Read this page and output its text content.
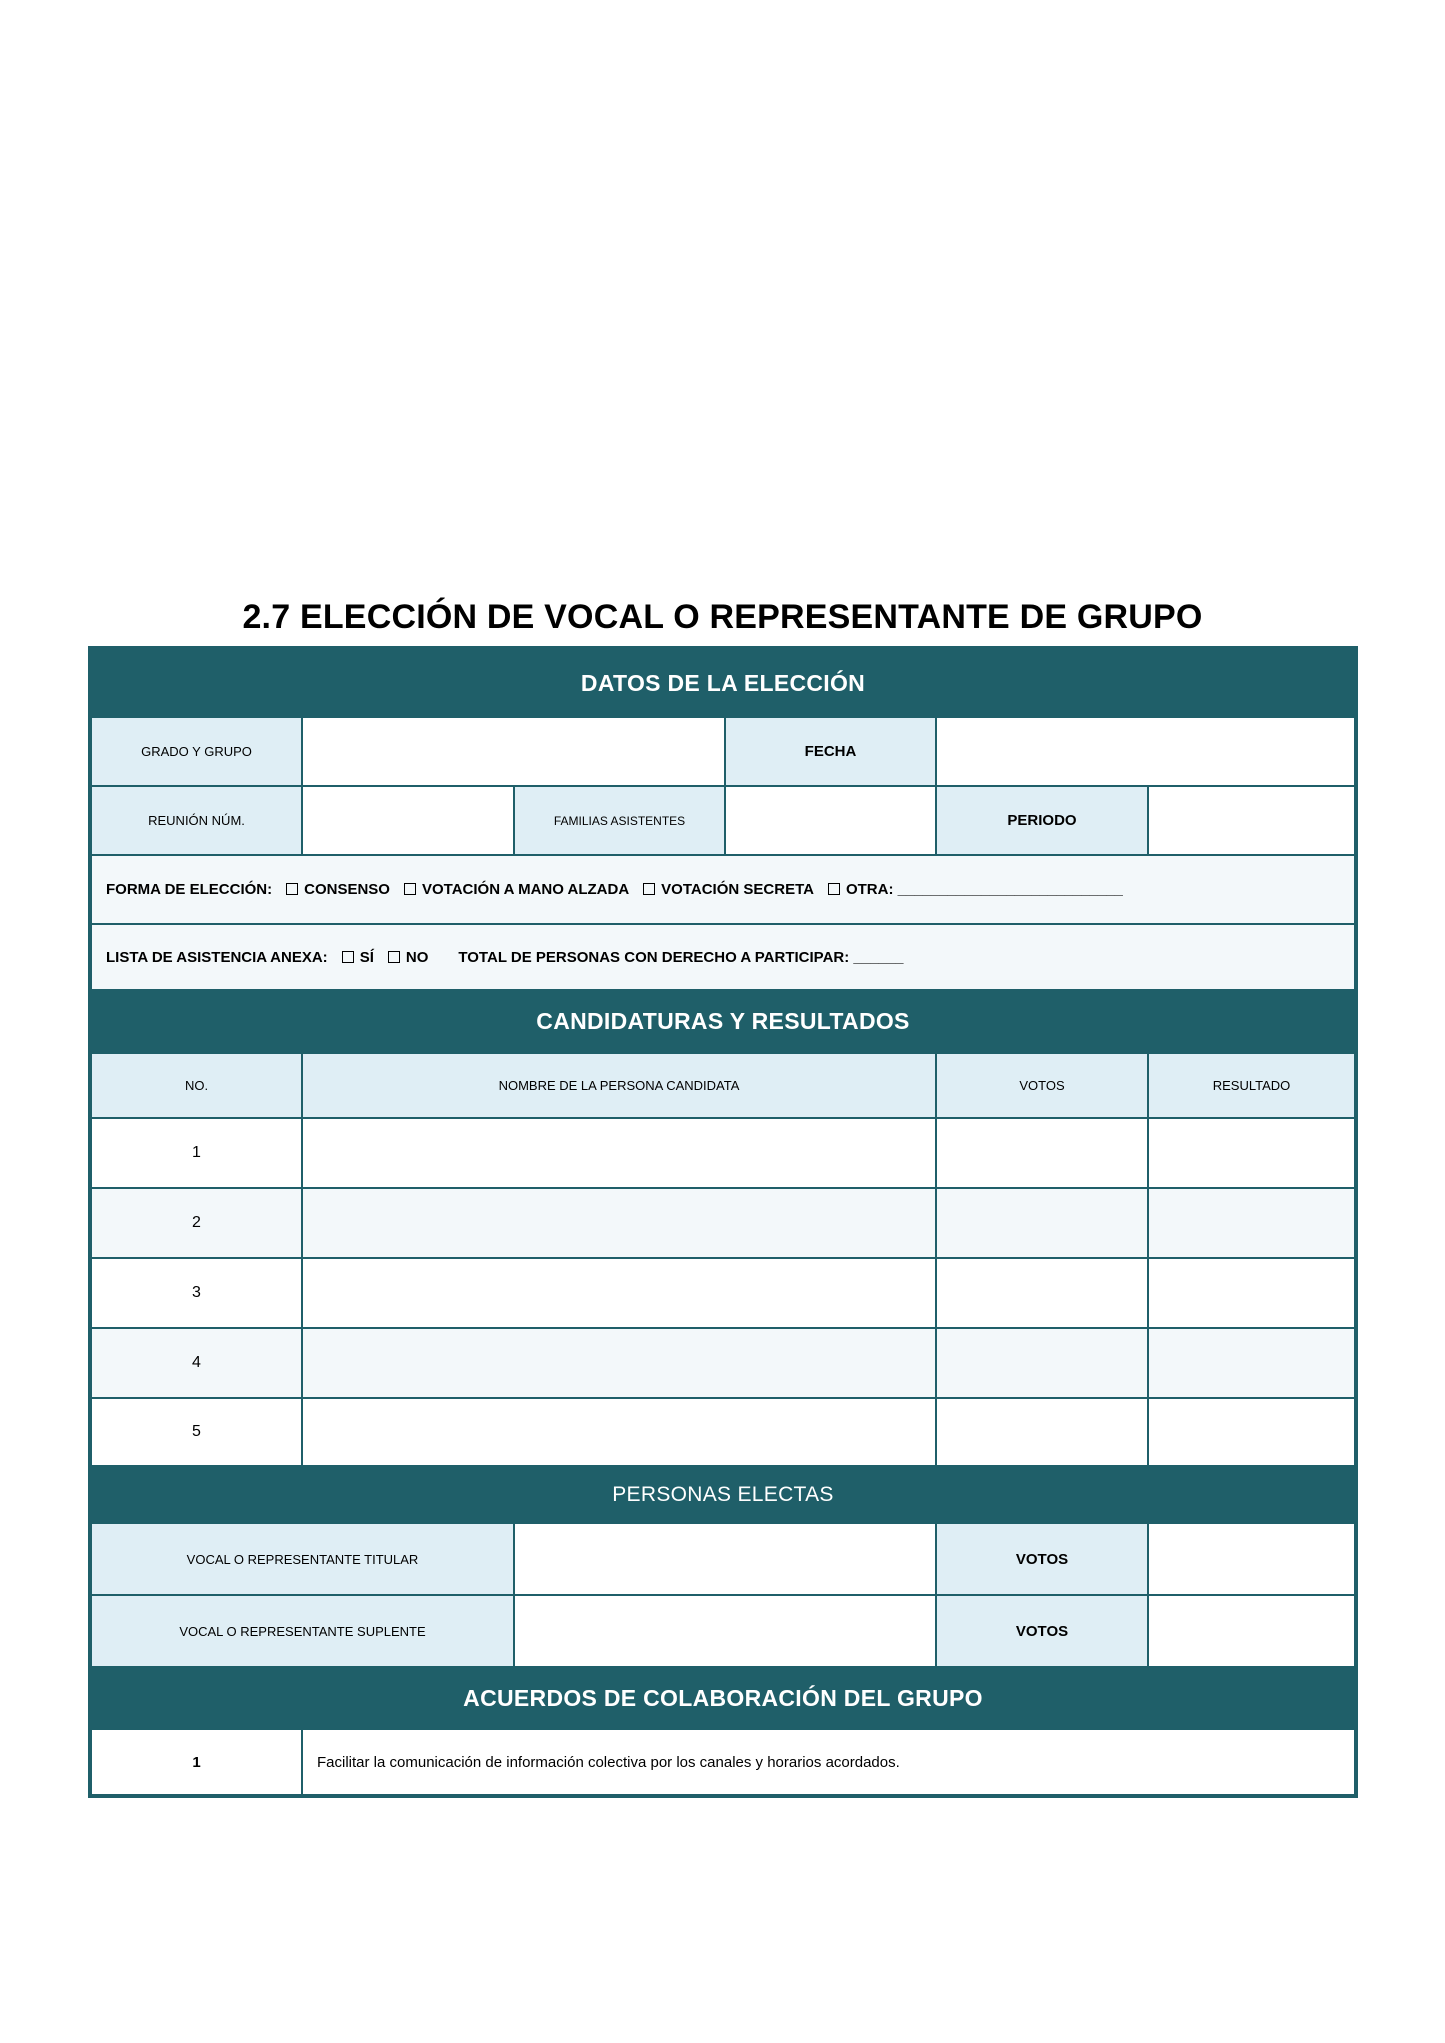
2.7 ELECCIÓN DE VOCAL O REPRESENTANTE DE GRUPO
DATOS DE LA ELECCIÓN
GRADO Y GRUPO	FECHA
REUNIÓN NÚM.	FAMILIAS ASISTENTES	PERIODO
FORMA DE ELECCIÓN:	CONSENSO	VOTACIÓN A MANO ALZADA	VOTACIÓN SECRETA	OTRA: ___________________________
LISTA DE ASISTENCIA ANEXA:	SÍ	NO TOTAL DE PERSONAS CON DERECHO A PARTICIPAR: ______
CANDIDATURAS Y RESULTADOS
NO.	NOMBRE DE LA PERSONA CANDIDATA	VOTOS	RESULTADO
1
2
3
4
5
PERSONAS ELECTAS
VOCAL O REPRESENTANTE TITULAR	VOTOS
VOCAL O REPRESENTANTE SUPLENTE	VOTOS
ACUERDOS DE COLABORACIÓN DEL GRUPO
1	Facilitar la comunicación de información colectiva por los canales y horarios acordados.
